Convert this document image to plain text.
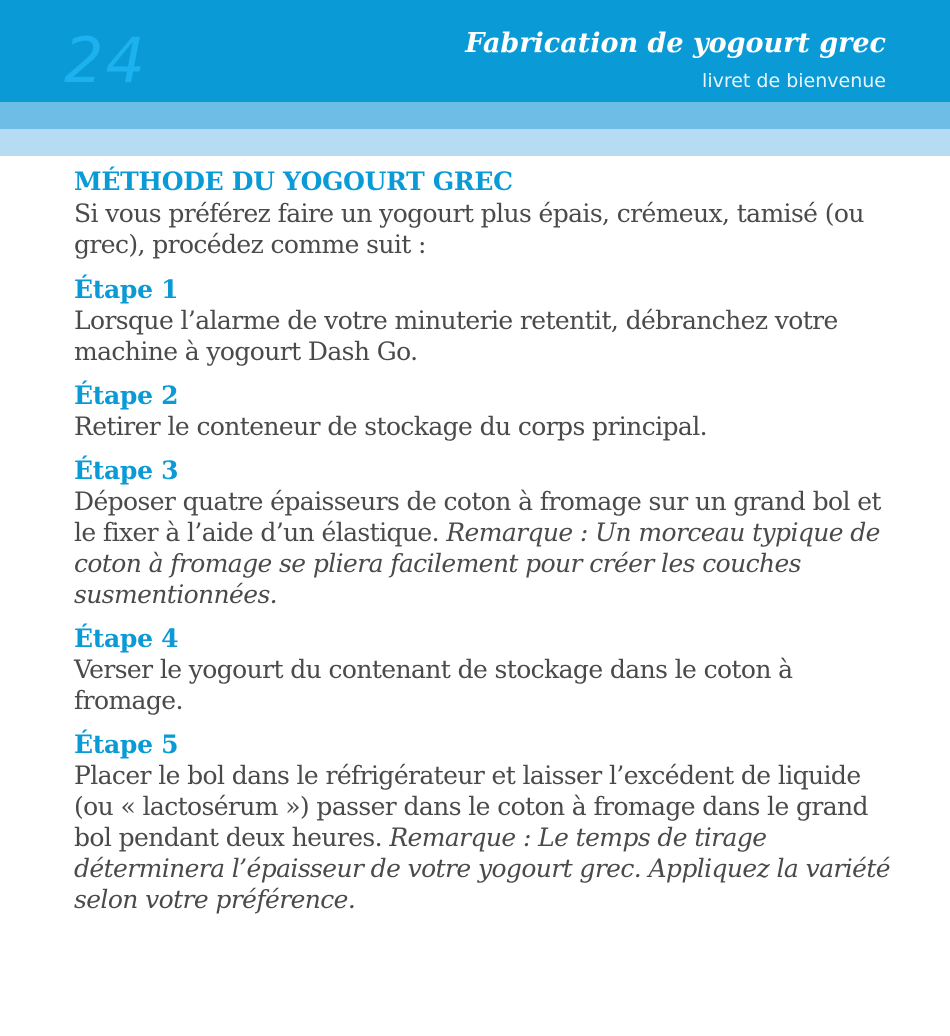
24	Fabrication de yogourt grec
livret de bienvenue
MÉTHODE DU YOGOURT GREC

Si vous préférez faire un yogourt plus épais, crémeux, tamisé (ou grec), procédez comme suit :

Étape 1

Lorsque l’alarme de votre minuterie retentit, débranchez votre machine à yogourt Dash Go.

Étape 2

Retirer le conteneur de stockage du corps principal.

Étape 3

Déposer quatre épaisseurs de coton à fromage sur un grand bol et le fixer à l’aide d’un élastique. Remarque : Un morceau typique de coton à fromage se pliera facilement pour créer les couches susmentionnées.

Étape 4

Verser le yogourt du contenant de stockage dans le coton à fromage.

Étape 5

Placer le bol dans le réfrigérateur et laisser l’excédent de liquide (ou « lactosérum ») passer dans le coton à fromage dans le grand bol pendant deux heures. Remarque : Le temps de tirage déterminera l’épaisseur de votre yogourt grec. Appliquez la variété selon votre préférence.
